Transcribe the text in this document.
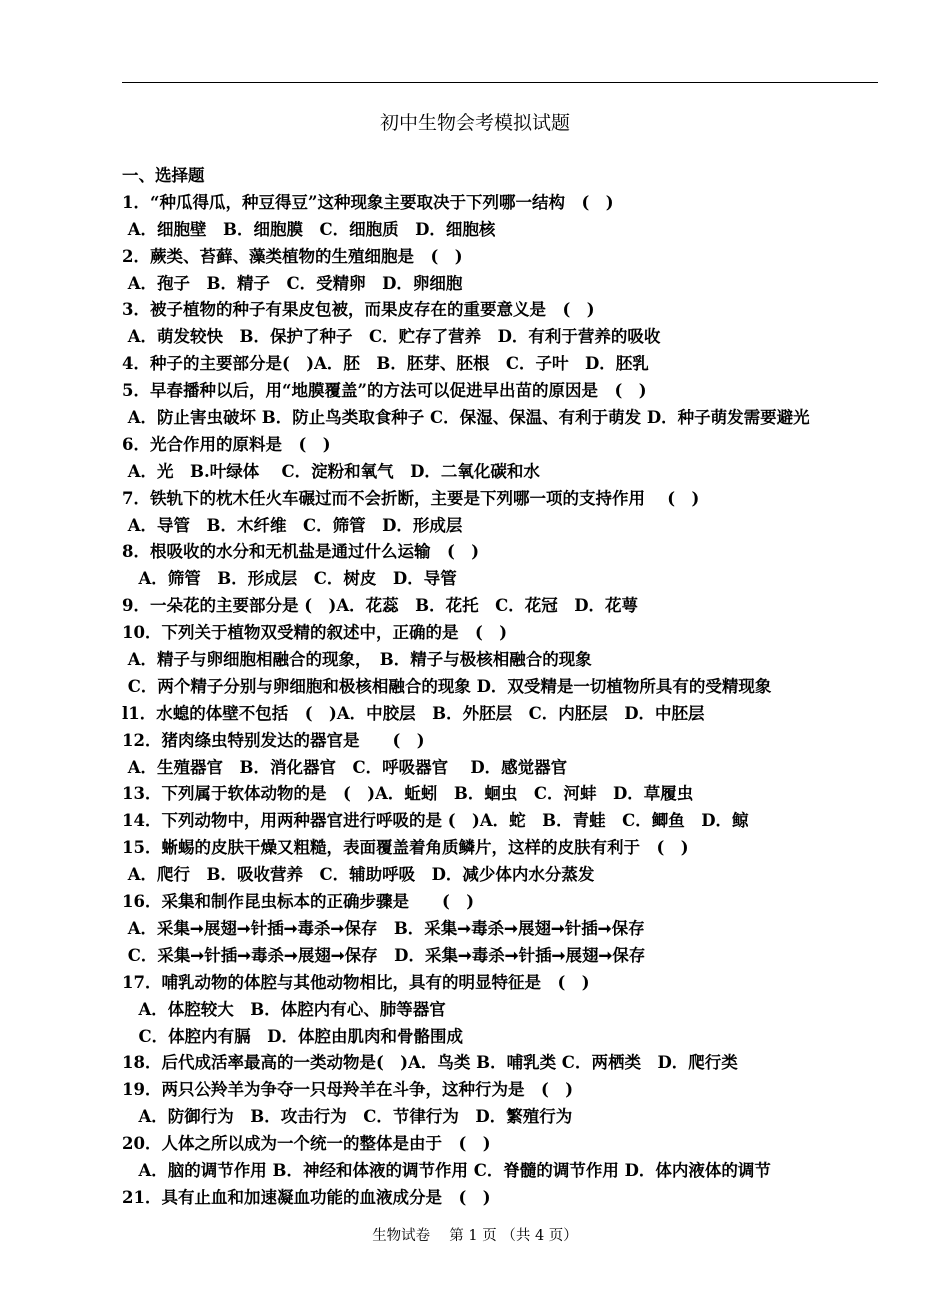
初中生物会考模拟试题
一、选择题
1．“种瓜得瓜，种豆得豆”这种现象主要取决于下列哪一结构　(　)
A．细胞壁　B．细胞膜　C．细胞质　D．细胞核
2．蕨类、苔藓、藻类植物的生殖细胞是　(　)
A．孢子　B．精子　C．受精卵　D．卵细胞
3．被子植物的种子有果皮包被，而果皮存在的重要意义是　(　)
A．萌发较快　B．保护了种子　C．贮存了营养　D．有利于营养的吸收
4．种子的主要部分是(　)A．胚　B．胚芽、胚根　C．子叶　D．胚乳
5．早春播种以后，用“地膜覆盖”的方法可以促进早出苗的原因是　(　)
A．防止害虫破坏 B．防止鸟类取食种子 C．保湿、保温、有利于萌发 D．种子萌发需要避光
6．光合作用的原料是　(　)
A．光　B.叶绿体　 C．淀粉和氧气　D．二氧化碳和水
7．铁轨下的枕木任火车碾过而不会折断，主要是下列哪一项的支持作用　 (　)
A．导管　B．木纤维　C．筛管　D．形成层
8．根吸收的水分和无机盐是通过什么运输　(　)
　A．筛管　B．形成层　C．树皮　D．导管
9．一朵花的主要部分是 (　)A．花蕊　B．花托　C．花冠　D．花萼
10．下列关于植物双受精的叙述中，正确的是　(　)
A．精子与卵细胞相融合的现象，　B．精子与极核相融合的现象
C．两个精子分别与卵细胞和极核相融合的现象 D．双受精是一切植物所具有的受精现象
l1．水螅的体壁不包括　(　)A．中胶层　B．外胚层　C．内胚层　D．中胚层
12．猪肉绦虫特别发达的器官是　　(　)
A．生殖器官　B．消化器官　C．呼吸器官　 D．感觉器官
13．下列属于软体动物的是　(　)A．蚯蚓　B．蛔虫　C．河蚌　D．草履虫
14．下列动物中，用两种器官进行呼吸的是 (　)A．蛇　B．青蛙　C．鲫鱼　D．鲸
15．蜥蜴的皮肤干燥又粗糙，表面覆盖着角质鳞片，这样的皮肤有利于　(　)
A．爬行　B．吸收营养　C．辅助呼吸　D．减少体内水分蒸发
16．采集和制作昆虫标本的正确步骤是　　(　)
A．采集➞展翅➞针插➞毒杀➞保存　B．采集➞毒杀➞展翅➞针插➞保存
C．采集➞针插➞毒杀➞展翅➞保存　D．采集➞毒杀➞针插➞展翅➞保存
17．哺乳动物的体腔与其他动物相比，具有的明显特征是　(　)
　A．体腔较大　B．体腔内有心、肺等器官
　C．体腔内有膈　D．体腔由肌肉和骨骼围成
18．后代成活率最高的一类动物是(　)A．鸟类 B．哺乳类 C．两栖类　D．爬行类
19．两只公羚羊为争夺一只母羚羊在斗争，这种行为是　(　)
　A．防御行为　B．攻击行为　C．节律行为　D．繁殖行为
20．人体之所以成为一个统一的整体是由于　(　)
　A．脑的调节作用 B．神经和体液的调节作用 C．脊髓的调节作用 D．体内液体的调节
21．具有止血和加速凝血功能的血液成分是　(　)
生物试卷　 第 1 页 （共 4 页）
